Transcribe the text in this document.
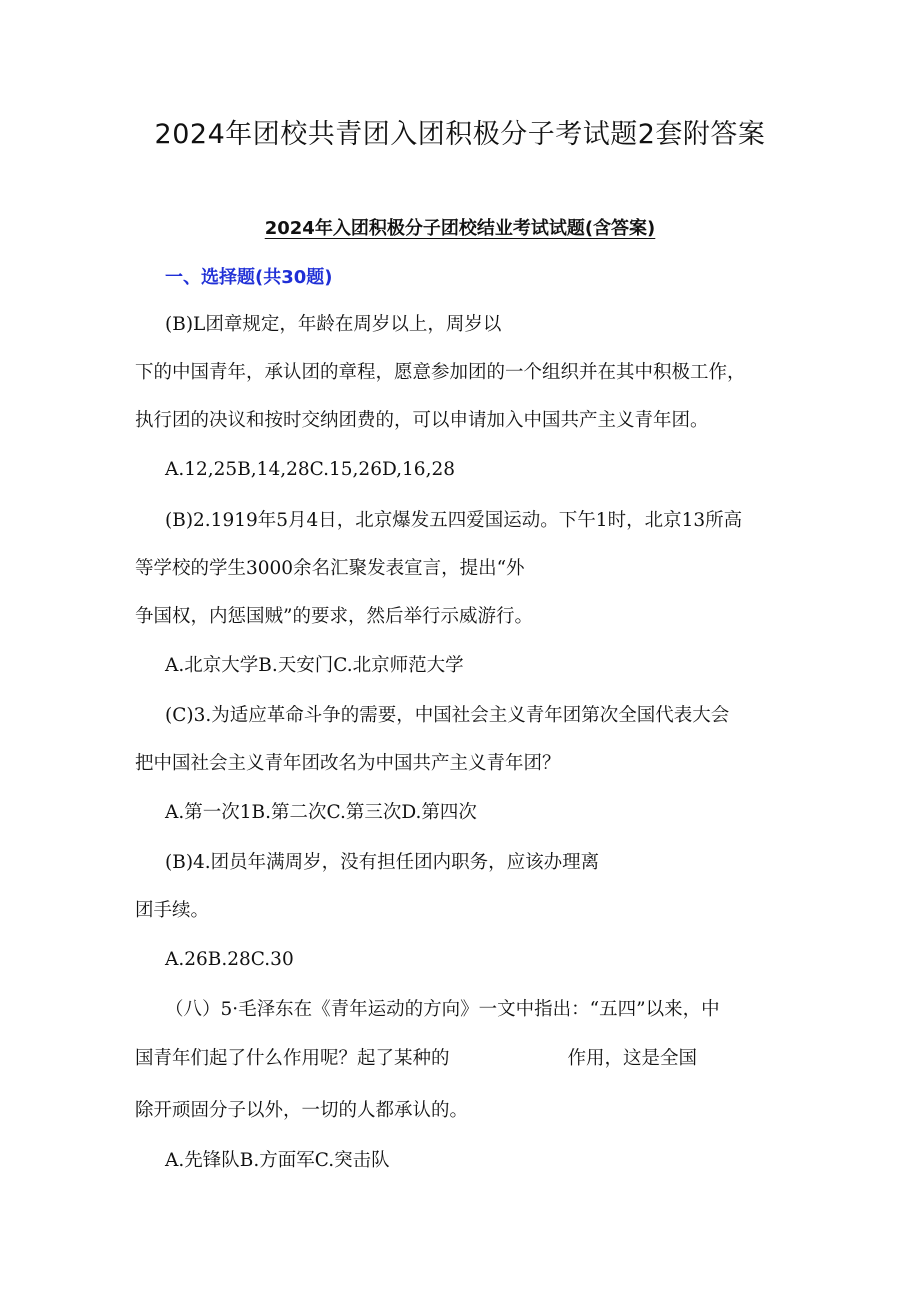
2024年团校共青团入团积极分子考试题2套附答案
2024年入团积极分子团校结业考试试题(含答案)
一、选择题(共30题)
(B)L团章规定，年龄在周岁以上，周岁以
下的中国青年，承认团的章程，愿意参加团的一个组织并在其中积极工作，
执行团的决议和按时交纳团费的，可以申请加入中国共产主义青年团。
A.12,25B,14,28C.15,26D,16,28
(B)2.1919年5月4日，北京爆发五四爱国运动。下午1时，北京13所高
等学校的学生3000余名汇聚发表宣言，提出“外
争国权，内惩国贼”的要求，然后举行示威游行。
A.北京大学B.天安门C.北京师范大学
(C)3.为适应革命斗争的需要，中国社会主义青年团第次全国代表大会
把中国社会主义青年团改名为中国共产主义青年团？
A.第一次1B.第二次C.第三次D.第四次
(B)4.团员年满周岁，没有担任团内职务，应该办理离
团手续。
A.26B.28C.30
（八）5·毛泽东在《青年运动的方向》一文中指出：“五四”以来，中
国青年们起了什么作用呢？起了某种的	作用，这是全国
除开顽固分子以外，一切的人都承认的。
A.先锋队B.方面军C.突击队
